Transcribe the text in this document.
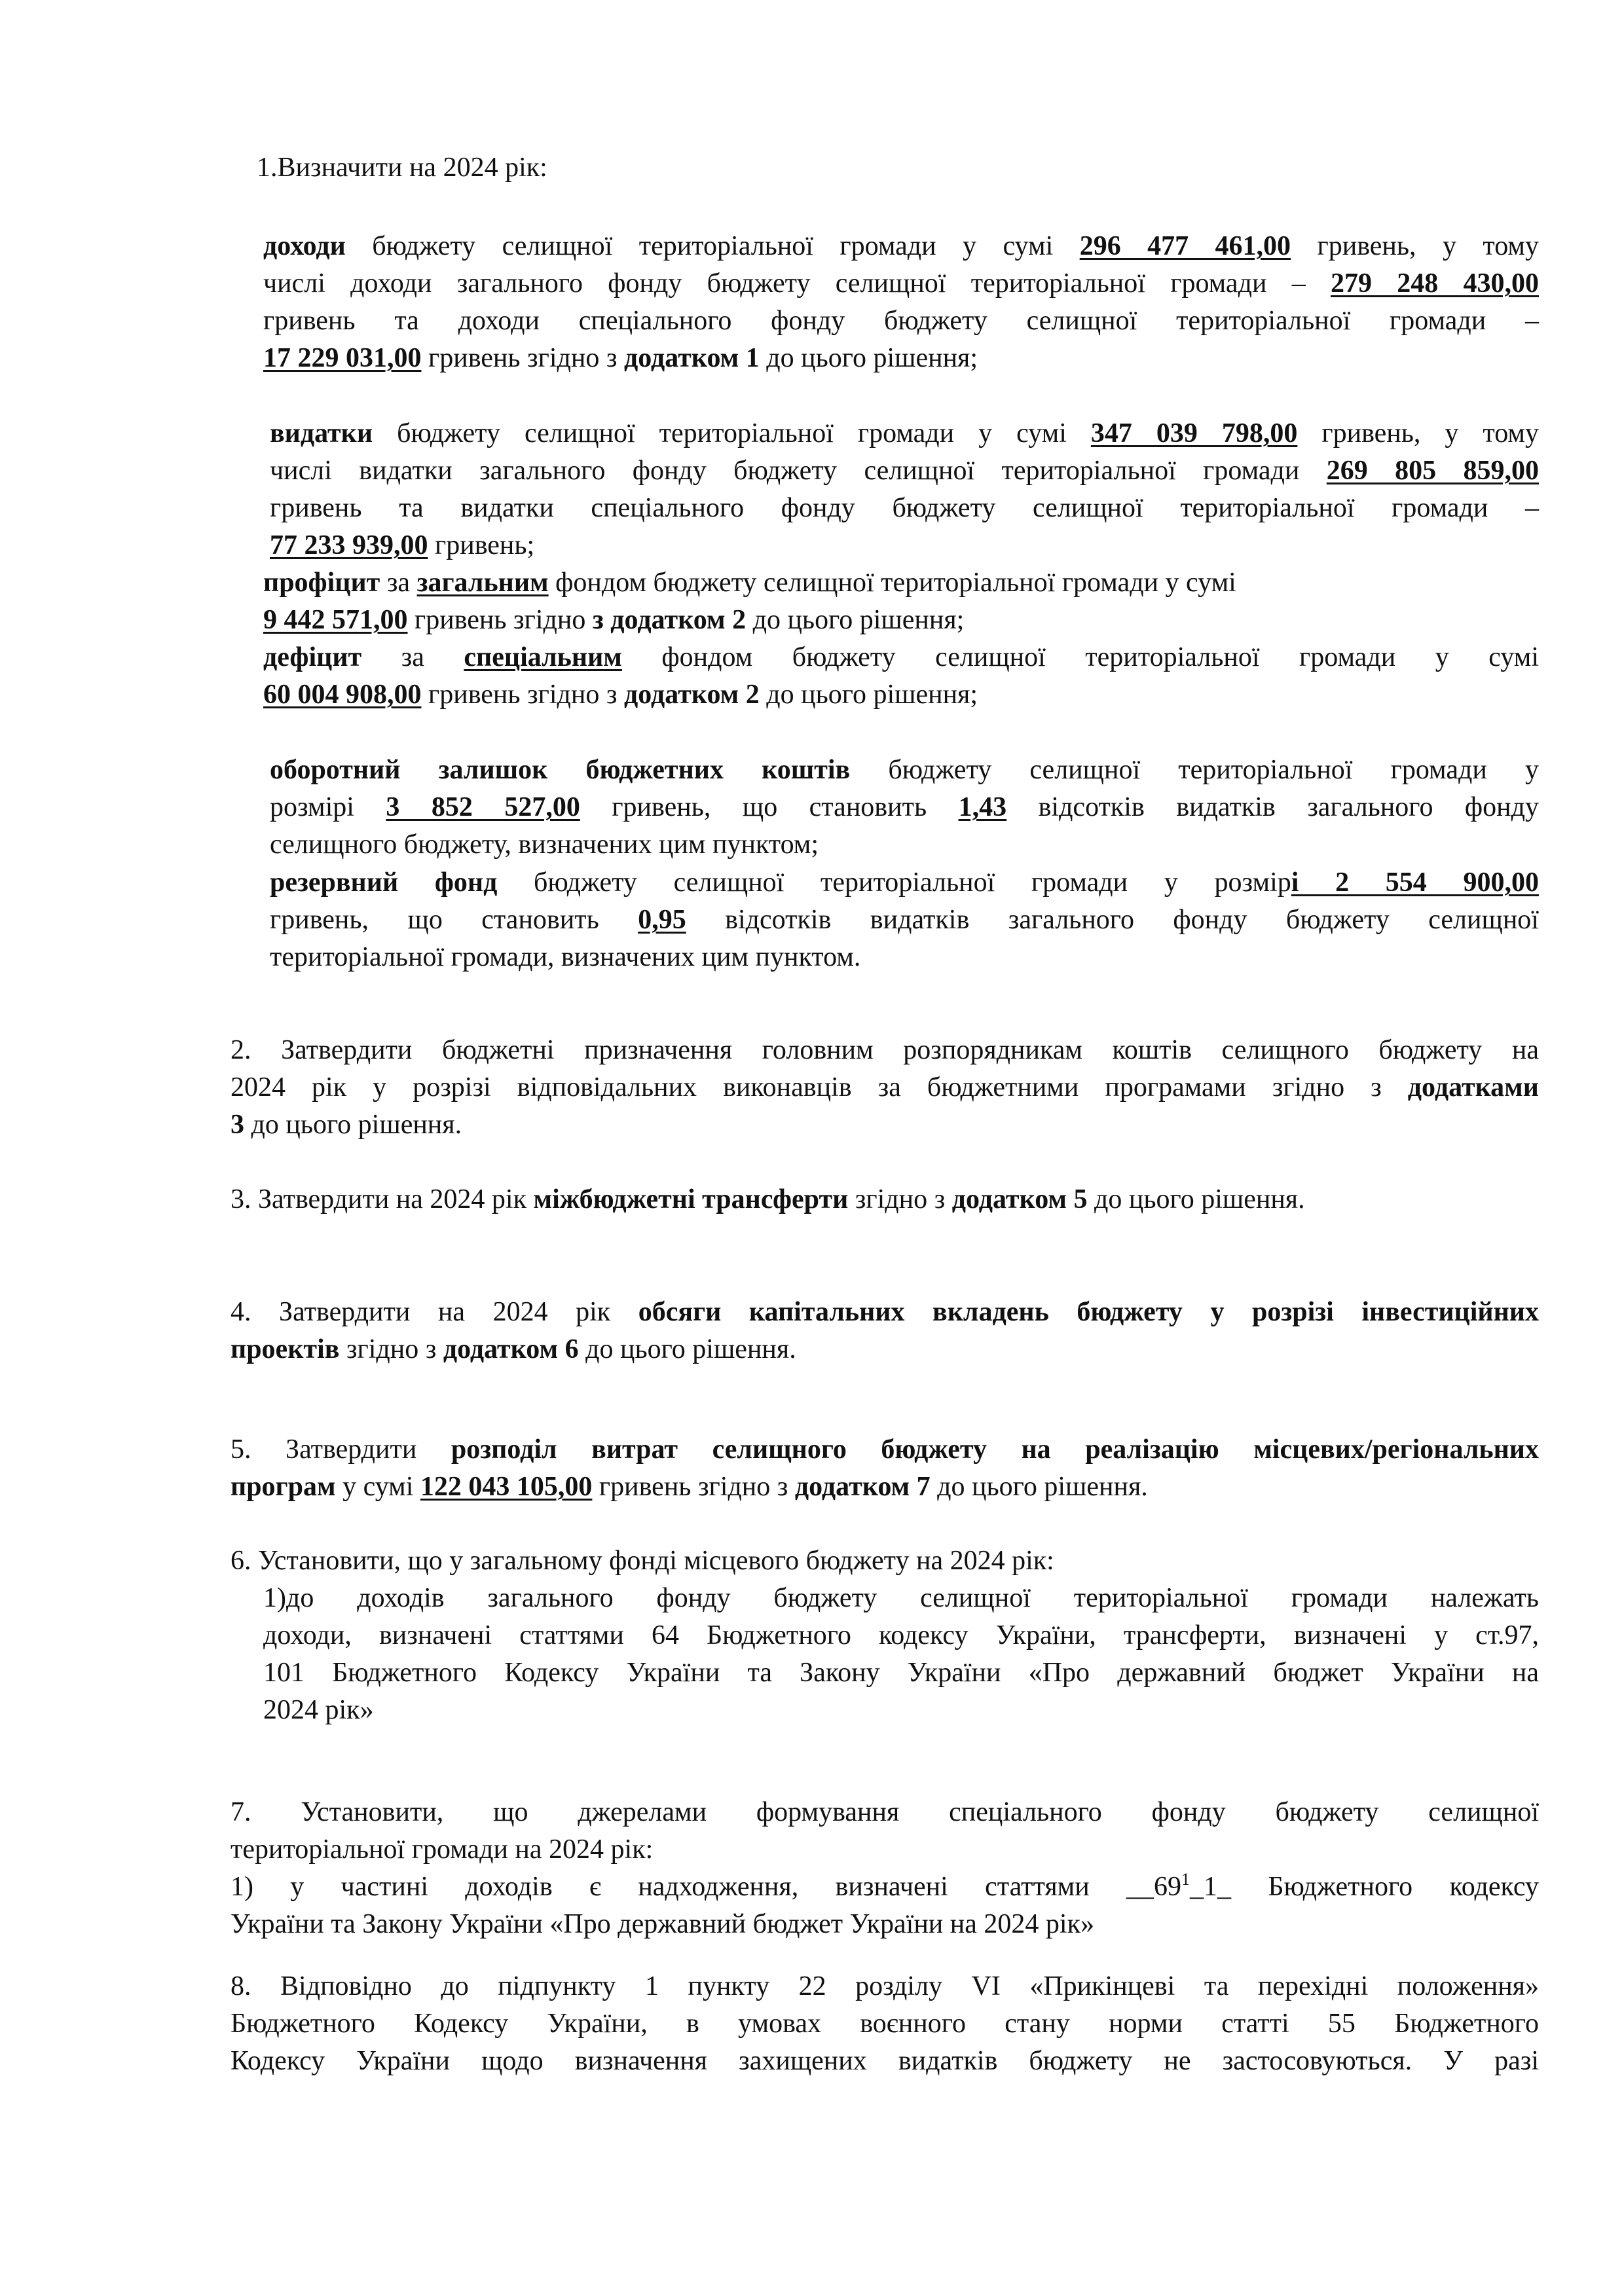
1.Визначити на 2024 рік:
доходи бюджету селищної територіальної громади у сумі 296 477 461,00 гривень, у тому
числі доходи загального фонду бюджету селищної територіальної громади – 279 248 430,00
гривень та доходи спеціального фонду бюджету селищної територіальної громади –
17 229 031,00 гривень згідно з додатком 1 до цього рішення;
видатки бюджету селищної територіальної громади у сумі 347 039 798,00 гривень, у тому
числі видатки загального фонду бюджету селищної територіальної громади 269 805 859,00
гривень та видатки спеціального фонду бюджету селищної територіальної громади –
77 233 939,00 гривень;
профіцит за загальним фондом бюджету селищної територіальної громади у сумі
9 442 571,00 гривень згідно з додатком 2 до цього рішення;
дефіцит за спеціальним фондом бюджету селищної територіальної громади у сумі
60 004 908,00 гривень згідно з додатком 2 до цього рішення;
оборотний залишок бюджетних коштів бюджету селищної територіальної громади у
розмірі 3 852 527,00 гривень, що становить 1,43 відсотків видатків загального фонду
селищного бюджету, визначених цим пунктом;
резервний фонд бюджету селищної територіальної громади у розмірі 2 554 900,00
гривень, що становить 0,95 відсотків видатків загального фонду бюджету селищної
територіальної громади, визначених цим пунктом.
2. Затвердити бюджетні призначення головним розпорядникам коштів селищного бюджету на
2024 рік у розрізі відповідальних виконавців за бюджетними програмами згідно з додатками
3 до цього рішення.
3. Затвердити на 2024 рік міжбюджетні трансферти згідно з додатком 5 до цього рішення.
4. Затвердити на 2024 рік обсяги капітальних вкладень бюджету у розрізі інвестиційних
проектів згідно з додатком 6 до цього рішення.
5. Затвердити розподіл витрат селищного бюджету на реалізацію місцевих/регіональних
програм у сумі 122 043 105,00 гривень згідно з додатком 7 до цього рішення.
6. Установити, що у загальному фонді місцевого бюджету на 2024 рік:
1)до доходів загального фонду бюджету селищної територіальної громади належать
доходи, визначені статтями 64 Бюджетного кодексу України, трансферти, визначені у ст.97,
101 Бюджетного Кодексу України та Закону України «Про державний бюджет України на
2024 рік»
7. Установити, що джерелами формування спеціального фонду бюджету селищної
територіальної громади на 2024 рік:
1) у частині доходів є надходження, визначені статтями $\_\_69^1\_1\_$ Бюджетного кодексу
України та Закону України «Про державний бюджет України на 2024 рік»
8. Відповідно до підпункту 1 пункту 22 розділу VI «Прикінцеві та перехідні положення»
Бюджетного Кодексу України, в умовах воєнного стану норми статті 55 Бюджетного
Кодексу України щодо визначення захищених видатків бюджету не застосовуються. У разі
